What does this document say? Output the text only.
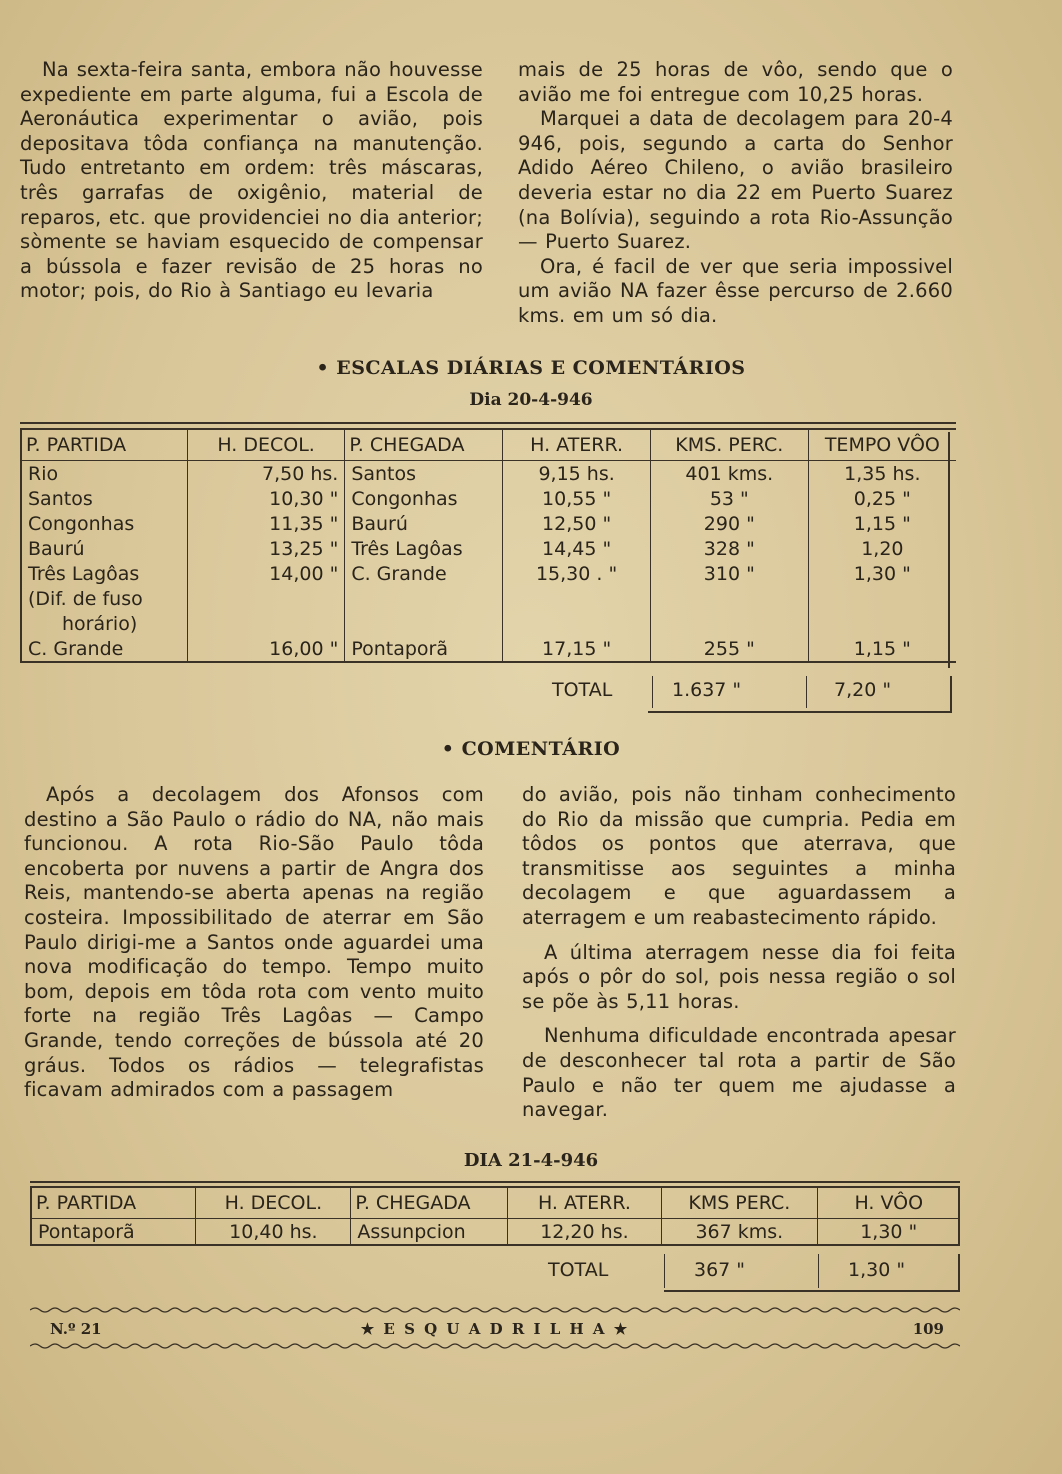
Na sexta-feira santa, embora não houvesse expediente em parte alguma, fui a Escola de Aeronáutica experimentar o avião, pois depositava tôda confiança na manutenção. Tudo entretanto em ordem: três máscaras, três garrafas de oxigênio, material de reparos, etc. que providenciei no dia anterior; sòmente se haviam esquecido de compensar a bússola e fazer revisão de 25 horas no motor; pois, do Rio à Santiago eu levaria

mais de 25 horas de vôo, sendo que o avião me foi entregue com 10,25 horas.

Marquei a data de decolagem para 20-4 946, pois, segundo a carta do Senhor Adido Aéreo Chileno, o avião brasileiro deveria estar no dia 22 em Puerto Suarez (na Bolívia), seguindo a rota Rio-Assunção — Puerto Suarez.

Ora, é facil de ver que seria impossivel um avião NA fazer êsse percurso de 2.660 kms. em um só dia.

• ESCALAS DIÁRIAS E COMENTÁRIOS
Dia 20-4-946
P. PARTIDA	H. DECOL.	P. CHEGADA	H. ATERR.	KMS. PERC.	TEMPO VÔO
Rio	7,50 hs.	Santos	9,15 hs.	401 kms.	1,35 hs.
Santos	10,30 "	Congonhas	10,55 "	53 "	0,25 "
Congonhas	11,35 "	Baurú	12,50 "	290 "	1,15 "
Baurú	13,25 "	Três Lagôas	14,45 "	328 "	1,20
Três Lagôas	14,00 "	C. Grande	15,30 . "	310 "	1,30 "
(Dif. de fuso					
horário)					
C. Grande	16,00 "	Pontaporã	17,15 "	255 "	1,15 "
TOTAL	1.637 "	7,20 "
• COMENTÁRIO

Após a decolagem dos Afonsos com destino a São Paulo o rádio do NA, não mais funcionou. A rota Rio-São Paulo tôda encoberta por nuvens a partir de Angra dos Reis, mantendo-se aberta apenas na região costeira. Impossibilitado de aterrar em São Paulo dirigi-me a Santos onde aguardei uma nova modificação do tempo. Tempo muito bom, depois em tôda rota com vento muito forte na região Três Lagôas — Campo Grande, tendo correções de bússola até 20 gráus. Todos os rádios — telegrafistas ficavam admirados com a passagem

do avião, pois não tinham conhecimento do Rio da missão que cumpria. Pedia em tôdos os pontos que aterrava, que transmitisse aos seguintes a minha decolagem e que aguardassem a aterragem e um reabastecimento rápido.

A última aterragem nesse dia foi feita após o pôr do sol, pois nessa região o sol se põe às 5,11 horas.

Nenhuma dificuldade encontrada apesar de desconhecer tal rota a partir de São Paulo e não ter quem me ajudasse a navegar.

DIA 21-4-946
P. PARTIDA	H. DECOL.	P. CHEGADA	H. ATERR.	KMS PERC.	H. VÔO
Pontaporã	10,40 hs.	Assunpcion	12,20 hs.	367 kms.	1,30 "
TOTAL	367 "	1,30 "
N.º 21	★ E S Q U A D R I L H A ★	109
